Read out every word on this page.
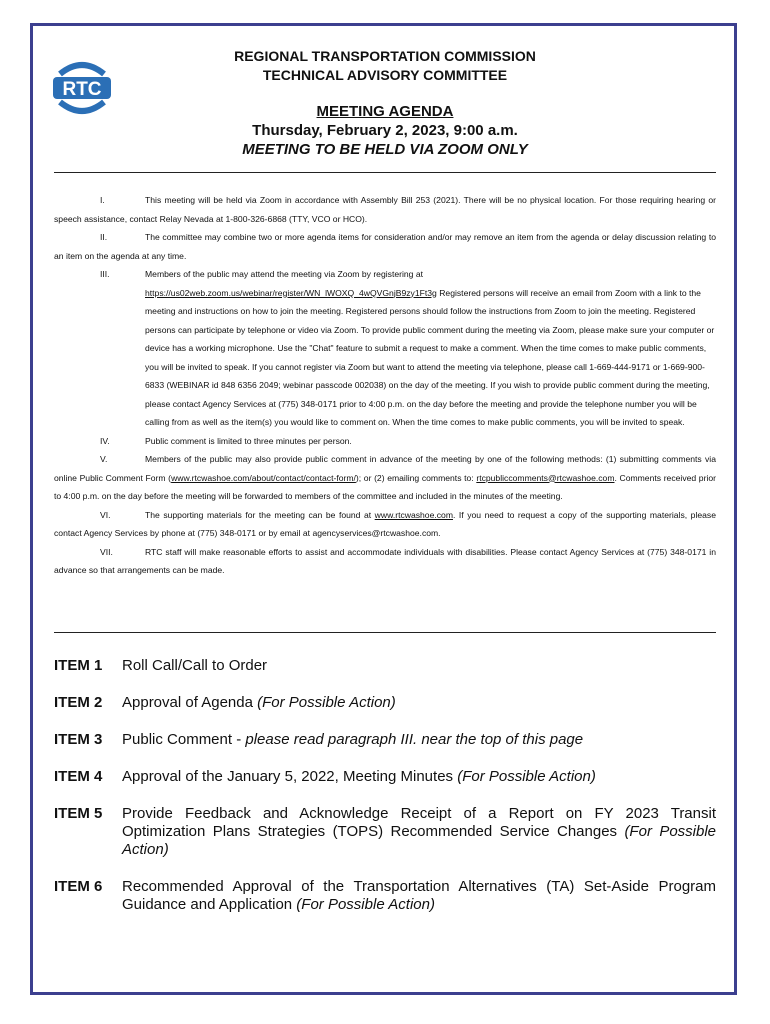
RTC
REGIONAL TRANSPORTATION COMMISSION
TECHNICAL ADVISORY COMMITTEE
MEETING AGENDA
Thursday, February 2, 2023, 9:00 a.m.
MEETING TO BE HELD VIA ZOOM ONLY

I.	This meeting will be held via Zoom in accordance with Assembly Bill 253 (2021). There will be no physical location. For those requiring hearing or speech assistance, contact Relay Nevada at 1-800-326-6868 (TTY, VCO or HCO).

II.	The committee may combine two or more agenda items for consideration and/or may remove an item from the agenda or delay discussion relating to an item on the agenda at any time.

III.	Members of the public may attend the meeting via Zoom by registering at
https://us02web.zoom.us/webinar/register/WN_lWOXQ_4wQVGnjB9zy1Ft3g Registered persons will receive an email from Zoom with a link to the meeting and instructions on how to join the meeting. Registered persons should follow the instructions from Zoom to join the meeting. Registered persons can participate by telephone or video via Zoom. To provide public comment during the meeting via Zoom, please make sure your computer or device has a working microphone. Use the "Chat" feature to submit a request to make a comment. When the time comes to make public comments, you will be invited to speak. If you cannot register via Zoom but want to attend the meeting via telephone, please call 1-669-444-9171 or 1-669-900-6833 (WEBINAR id 848 6356 2049; webinar passcode 002038) on the day of the meeting. If you wish to provide public comment during the meeting, please contact Agency Services at (775) 348-0171 prior to 4:00 p.m. on the day before the meeting and provide the telephone number you will be calling from as well as the item(s) you would like to comment on. When the time comes to make public comments, you will be invited to speak.

IV.	Public comment is limited to three minutes per person.

V.	Members of the public may also provide public comment in advance of the meeting by one of the following methods: (1) submitting comments via online Public Comment Form (www.rtcwashoe.com/about/contact/contact-form/); or (2) emailing comments to: rtcpubliccomments@rtcwashoe.com. Comments received prior to 4:00 p.m. on the day before the meeting will be forwarded to members of the committee and included in the minutes of the meeting.

VI.	The supporting materials for the meeting can be found at www.rtcwashoe.com. If you need to request a copy of the supporting materials, please contact Agency Services by phone at (775) 348-0171 or by email at agencyservices@rtcwashoe.com.

VII.	RTC staff will make reasonable efforts to assist and accommodate individuals with disabilities. Please contact Agency Services at (775) 348-0171 in advance so that arrangements can be made.

ITEM 1	Roll Call/Call to Order
ITEM 2	Approval of Agenda (For Possible Action)
ITEM 3	Public Comment - please read paragraph III. near the top of this page
ITEM 4	Approval of the January 5, 2022, Meeting Minutes (For Possible Action)
ITEM 5	Provide Feedback and Acknowledge Receipt of a Report on FY 2023 Transit Optimization Plans Strategies (TOPS) Recommended Service Changes (For Possible Action)
ITEM 6	Recommended Approval of the Transportation Alternatives (TA) Set-Aside Program Guidance and Application (For Possible Action)
